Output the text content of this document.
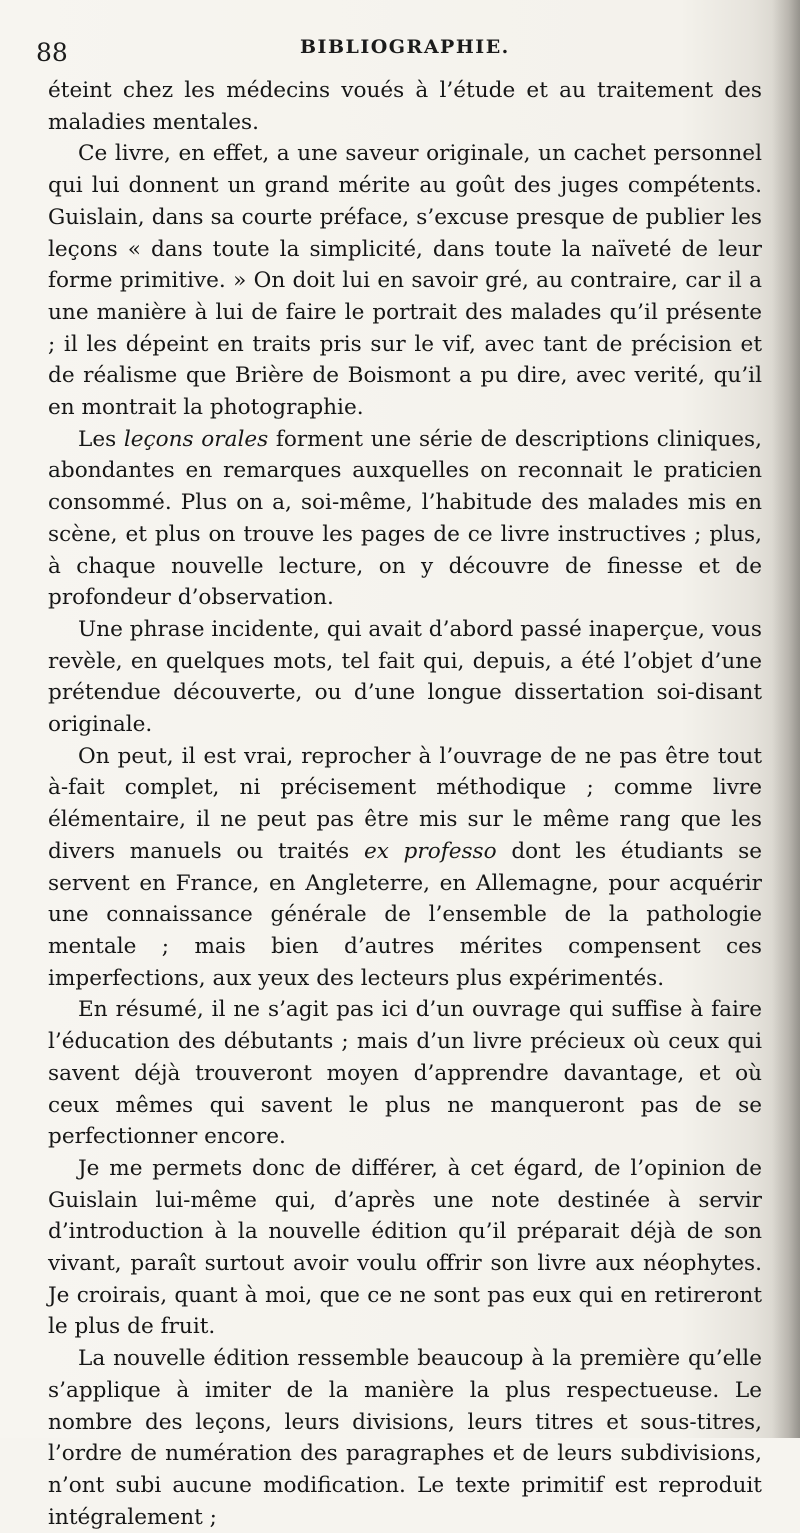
88	BIBLIOGRAPHIE.

éteint chez les médecins voués à l’étude et au traitement des maladies mentales.

Ce livre, en effet, a une saveur originale, un cachet personnel qui lui donnent un grand mérite au goût des juges compétents. Guislain, dans sa courte préface, s’excuse presque de publier les leçons « dans toute la simplicité, dans toute la naïveté de leur forme primitive. » On doit lui en savoir gré, au contraire, car il a une manière à lui de faire le portrait des malades qu’il présente ; il les dépeint en traits pris sur le vif, avec tant de précision et de réalisme que Brière de Boismont a pu dire, avec verité, qu’il en montrait la photographie.

Les leçons orales forment une série de descriptions cliniques, abondantes en remarques auxquelles on reconnait le praticien consommé. Plus on a, soi-même, l’habitude des malades mis en scène, et plus on trouve les pages de ce livre instructives ; plus, à chaque nouvelle lecture, on y découvre de finesse et de profondeur d’observation.

Une phrase incidente, qui avait d’abord passé inaperçue, vous revèle, en quelques mots, tel fait qui, depuis, a été l’objet d’une prétendue découverte, ou d’une longue dissertation soi-disant originale.

On peut, il est vrai, reprocher à l’ouvrage de ne pas être tout à-fait complet, ni précisement méthodique ; comme livre élémentaire, il ne peut pas être mis sur le même rang que les divers manuels ou traités ex professo dont les étudiants se servent en France, en Angleterre, en Allemagne, pour acquérir une connaissance générale de l’ensemble de la pathologie mentale ; mais bien d’autres mérites compensent ces imperfections, aux yeux des lecteurs plus expérimentés.

En résumé, il ne s’agit pas ici d’un ouvrage qui suffise à faire l’éducation des débutants ; mais d’un livre précieux où ceux qui savent déjà trouveront moyen d’apprendre davantage, et où ceux mêmes qui savent le plus ne manqueront pas de se perfectionner encore.

Je me permets donc de différer, à cet égard, de l’opinion de Guislain lui-même qui, d’après une note destinée à servir d’introduction à la nouvelle édition qu’il préparait déjà de son vivant, paraît surtout avoir voulu offrir son livre aux néophytes. Je croirais, quant à moi, que ce ne sont pas eux qui en retireront le plus de fruit.

La nouvelle édition ressemble beaucoup à la première qu’elle s’applique à imiter de la manière la plus respectueuse. Le nombre des leçons, leurs divisions, leurs titres et sous-titres, l’ordre de numération des paragraphes et de leurs subdivisions, n’ont subi aucune modification. Le texte primitif est reproduit intégralement ;
